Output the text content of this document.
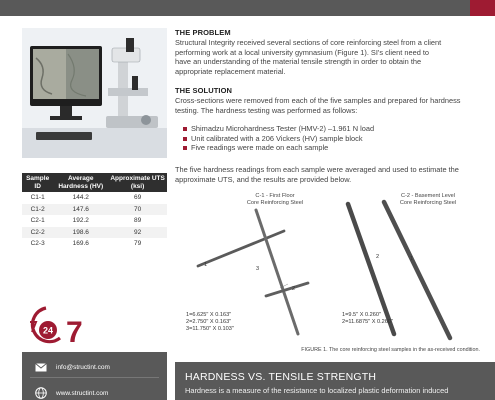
Sample ID	Average Hardness (HV)	Approximate UTS (ksi)
C1-1	144.2	69
C1-2	147.6	70
C2-1	192.2	89
C2-2	198.6	92
C2-3	169.6	79
24 7
info@structint.com
www.structint.com
THE PROBLEM
Structural Integrity received several sections of core reinforcing steel from a client
performing work at a local university gymnasium (Figure 1). SI's client need to
have an understanding of the material tensile strength in order to obtain the
appropriate replacement material.
THE SOLUTION
Cross-sections were removed from each of the five samples and prepared for hardness
testing. The hardness testing was performed as follows:
Shimadzu Microhardness Tester (HMV-2) –1.961 N load
Unit calibrated with a 206 Vickers (HV) sample block
Five readings were made on each sample
The five hardness readings from each sample were averaged and used to estimate the
approximate UTS, and the results are provided below.
C-1 - First Floor
Core Reinforcing Steel
C-2 - Basement Level
Core Reinforcing Steel
1
3
2
2	1
1=6.625" X 0.163"
2=2.750" X 0.163"
3=11.750" X 0.103"
1=9.5" X 0.260"
2=11.6875" X 0.260"
FIGURE 1. The core reinforcing steel samples in the as-received condition.
HARDNESS VS. TENSILE STRENGTH
Hardness is a measure of the resistance to localized plastic deformation induced
